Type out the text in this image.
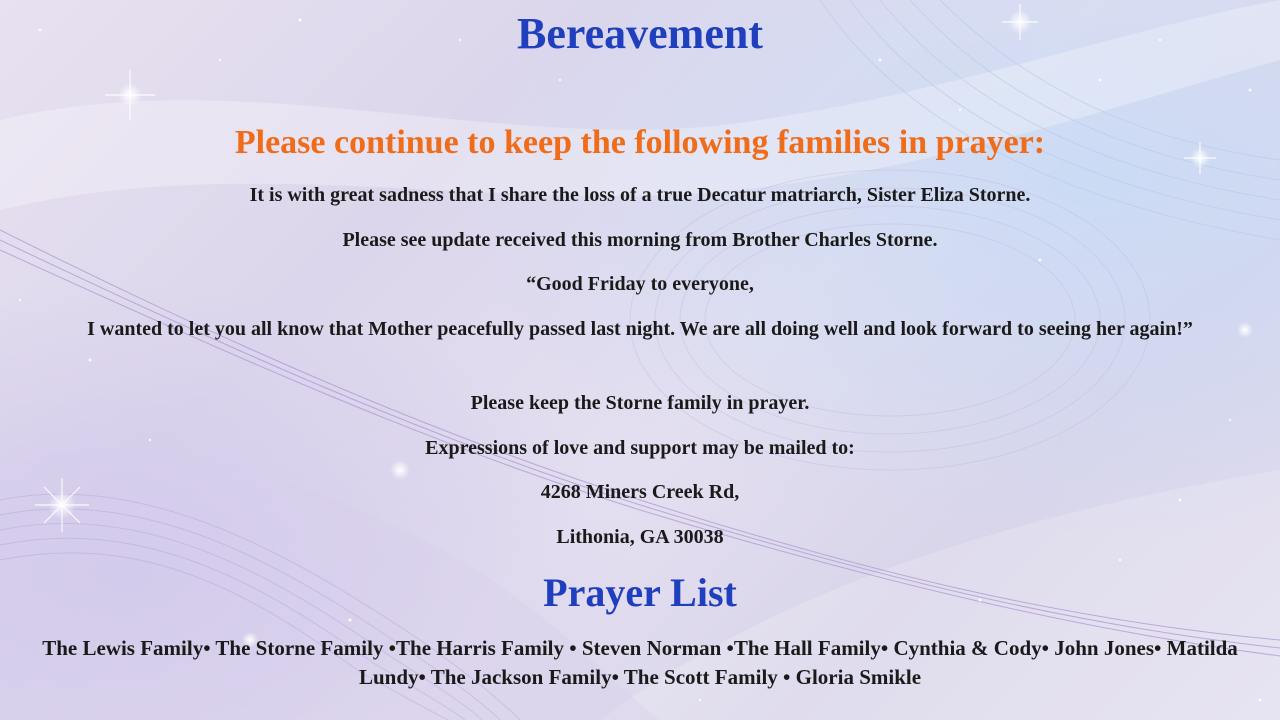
Bereavement
Please continue to keep the following families in prayer:
It is with great sadness that I share the loss of a true Decatur matriarch, Sister Eliza Storne.
Please see update received this morning from Brother Charles Storne.
“Good Friday to everyone,
I wanted to let you all know that Mother peacefully passed last night. We are all doing well and look forward to seeing her again!”
Please keep the Storne family in prayer.
Expressions of love and support may be mailed to:
4268 Miners Creek Rd,
Lithonia, GA 30038
Prayer List
The Lewis Family• The Storne Family •The Harris Family • Steven Norman •The Hall Family• Cynthia & Cody• John Jones• Matilda Lundy• The Jackson Family• The Scott Family • Gloria Smikle
